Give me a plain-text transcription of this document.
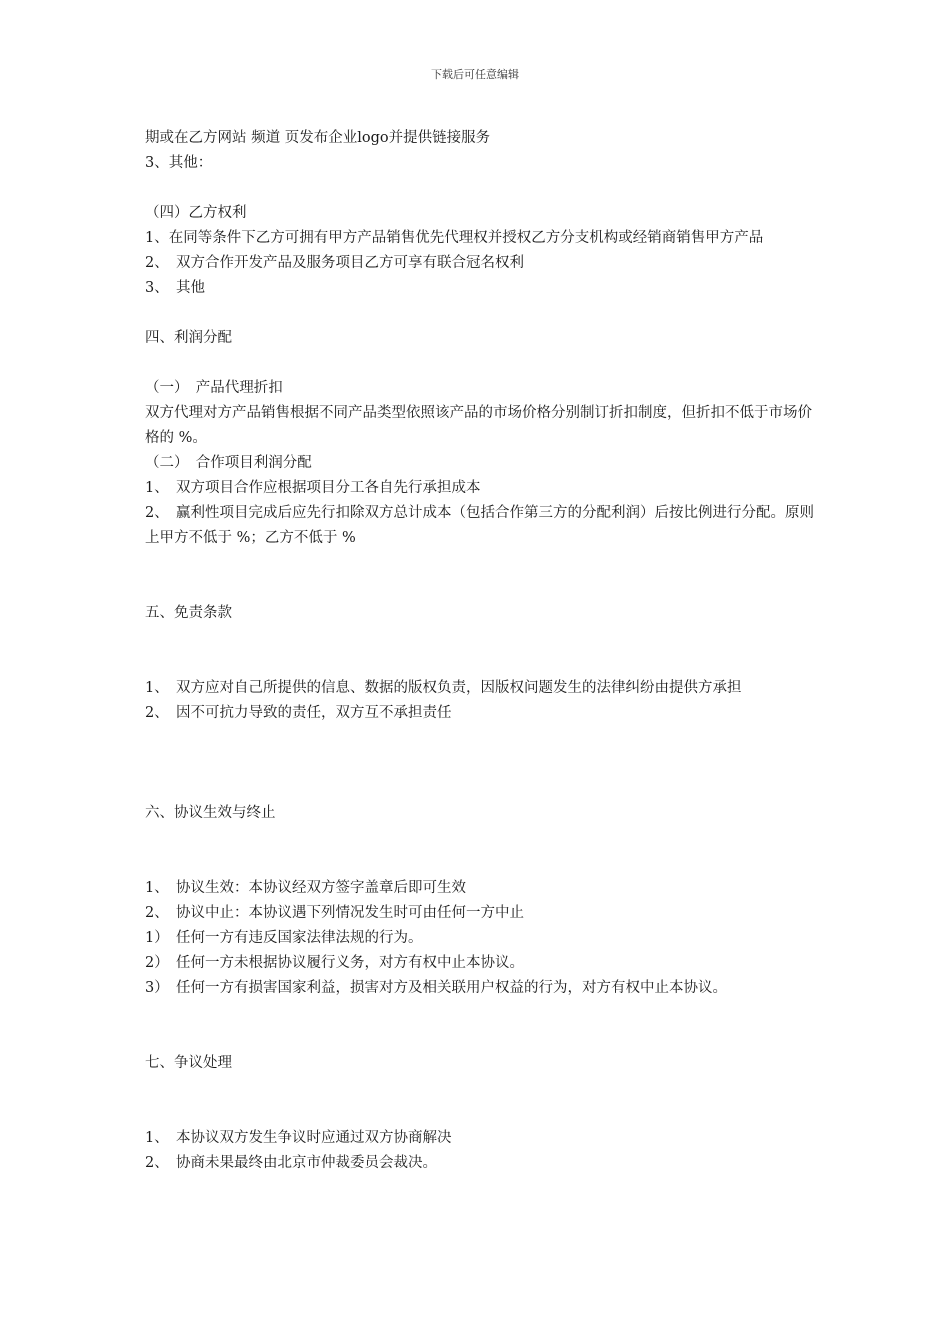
下载后可任意编辑

期或在乙方网站 频道 页发布企业logo并提供链接服务

3、其他：

（四）乙方权利

1、在同等条件下乙方可拥有甲方产品销售优先代理权并授权乙方分支机构或经销商销售甲方产品

2、　双方合作开发产品及服务项目乙方可享有联合冠名权利

3、　其他

四、利润分配

（一）　产品代理折扣

双方代理对方产品销售根据不同产品类型依照该产品的市场价格分别制订折扣制度，但折扣不低于市场价格的 %。

（二）　合作项目利润分配

1、　双方项目合作应根据项目分工各自先行承担成本

2、　赢利性项目完成后应先行扣除双方总计成本（包括合作第三方的分配利润）后按比例进行分配。原则上甲方不低于 %；乙方不低于 %

五、免责条款

1、　双方应对自己所提供的信息、数据的版权负责，因版权问题发生的法律纠纷由提供方承担

2、　因不可抗力导致的责任，双方互不承担责任

六、协议生效与终止

1、　协议生效：本协议经双方签字盖章后即可生效

2、　协议中止：本协议遇下列情况发生时可由任何一方中止

1）　任何一方有违反国家法律法规的行为。

2）　任何一方未根据协议履行义务，对方有权中止本协议。

3）　任何一方有损害国家利益，损害对方及相关联用户权益的行为，对方有权中止本协议。

七、争议处理

1、　本协议双方发生争议时应通过双方协商解决

2、　协商未果最终由北京市仲裁委员会裁决。
